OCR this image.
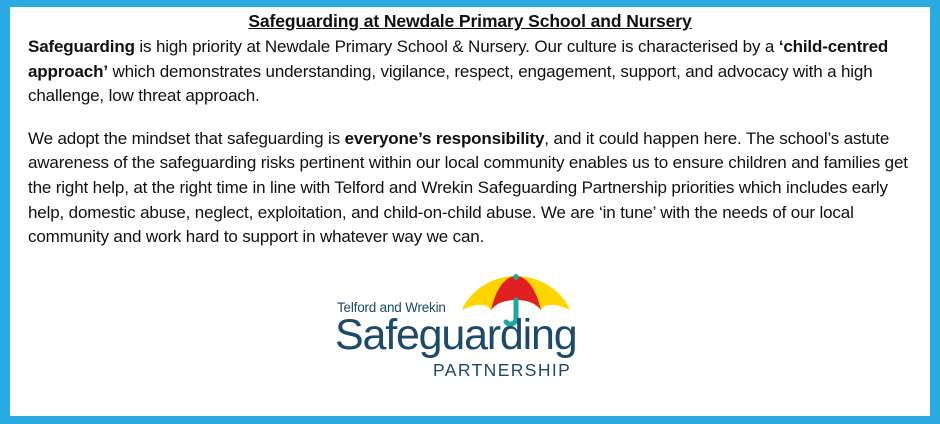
Safeguarding at Newdale Primary School and Nursery

Safeguarding is high priority at Newdale Primary School & Nursery. Our culture is characterised by a ‘child-centred approach’ which demonstrates understanding, vigilance, respect, engagement, support, and advocacy with a high challenge, low threat approach.

We adopt the mindset that safeguarding is everyone’s responsibility, and it could happen here. The school’s astute awareness of the safeguarding risks pertinent within our local community enables us to ensure children and families get the right help, at the right time in line with Telford and Wrekin Safeguarding Partnership priorities which includes early help, domestic abuse, neglect, exploitation, and child-on-child abuse. We are ‘in tune’ with the needs of our local community and work hard to support in whatever way we can.

Telford and Wrekin
Safeguarding
PARTNERSHIP
